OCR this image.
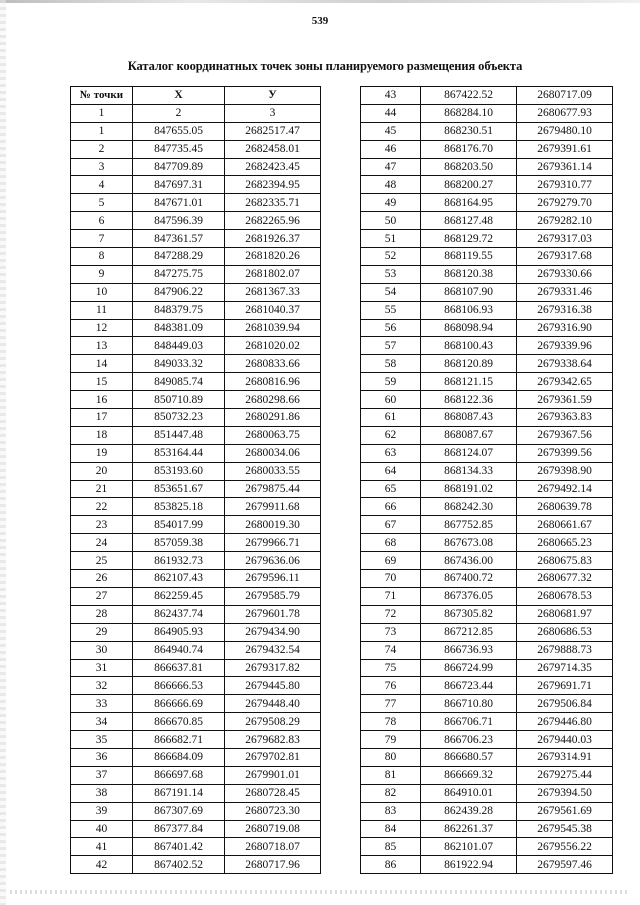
539
Каталог координатных точек зоны планируемого размещения объекта
№ точки	Х	У
1	2	3
1	847655.05	2682517.47
2	847735.45	2682458.01
3	847709.89	2682423.45
4	847697.31	2682394.95
5	847671.01	2682335.71
6	847596.39	2682265.96
7	847361.57	2681926.37
8	847288.29	2681820.26
9	847275.75	2681802.07
10	847906.22	2681367.33
11	848379.75	2681040.37
12	848381.09	2681039.94
13	848449.03	2681020.02
14	849033.32	2680833.66
15	849085.74	2680816.96
16	850710.89	2680298.66
17	850732.23	2680291.86
18	851447.48	2680063.75
19	853164.44	2680034.06
20	853193.60	2680033.55
21	853651.67	2679875.44
22	853825.18	2679911.68
23	854017.99	2680019.30
24	857059.38	2679966.71
25	861932.73	2679636.06
26	862107.43	2679596.11
27	862259.45	2679585.79
28	862437.74	2679601.78
29	864905.93	2679434.90
30	864940.74	2679432.54
31	866637.81	2679317.82
32	866666.53	2679445.80
33	866666.69	2679448.40
34	866670.85	2679508.29
35	866682.71	2679682.83
36	866684.09	2679702.81
37	866697.68	2679901.01
38	867191.14	2680728.45
39	867307.69	2680723.30
40	867377.84	2680719.08
41	867401.42	2680718.07
42	867402.52	2680717.96
43	867422.52	2680717.09
44	868284.10	2680677.93
45	868230.51	2679480.10
46	868176.70	2679391.61
47	868203.50	2679361.14
48	868200.27	2679310.77
49	868164.95	2679279.70
50	868127.48	2679282.10
51	868129.72	2679317.03
52	868119.55	2679317.68
53	868120.38	2679330.66
54	868107.90	2679331.46
55	868106.93	2679316.38
56	868098.94	2679316.90
57	868100.43	2679339.96
58	868120.89	2679338.64
59	868121.15	2679342.65
60	868122.36	2679361.59
61	868087.43	2679363.83
62	868087.67	2679367.56
63	868124.07	2679399.56
64	868134.33	2679398.90
65	868191.02	2679492.14
66	868242.30	2680639.78
67	867752.85	2680661.67
68	867673.08	2680665.23
69	867436.00	2680675.83
70	867400.72	2680677.32
71	867376.05	2680678.53
72	867305.82	2680681.97
73	867212.85	2680686.53
74	866736.93	2679888.73
75	866724.99	2679714.35
76	866723.44	2679691.71
77	866710.80	2679506.84
78	866706.71	2679446.80
79	866706.23	2679440.03
80	866680.57	2679314.91
81	866669.32	2679275.44
82	864910.01	2679394.50
83	862439.28	2679561.69
84	862261.37	2679545.38
85	862101.07	2679556.22
86	861922.94	2679597.46
